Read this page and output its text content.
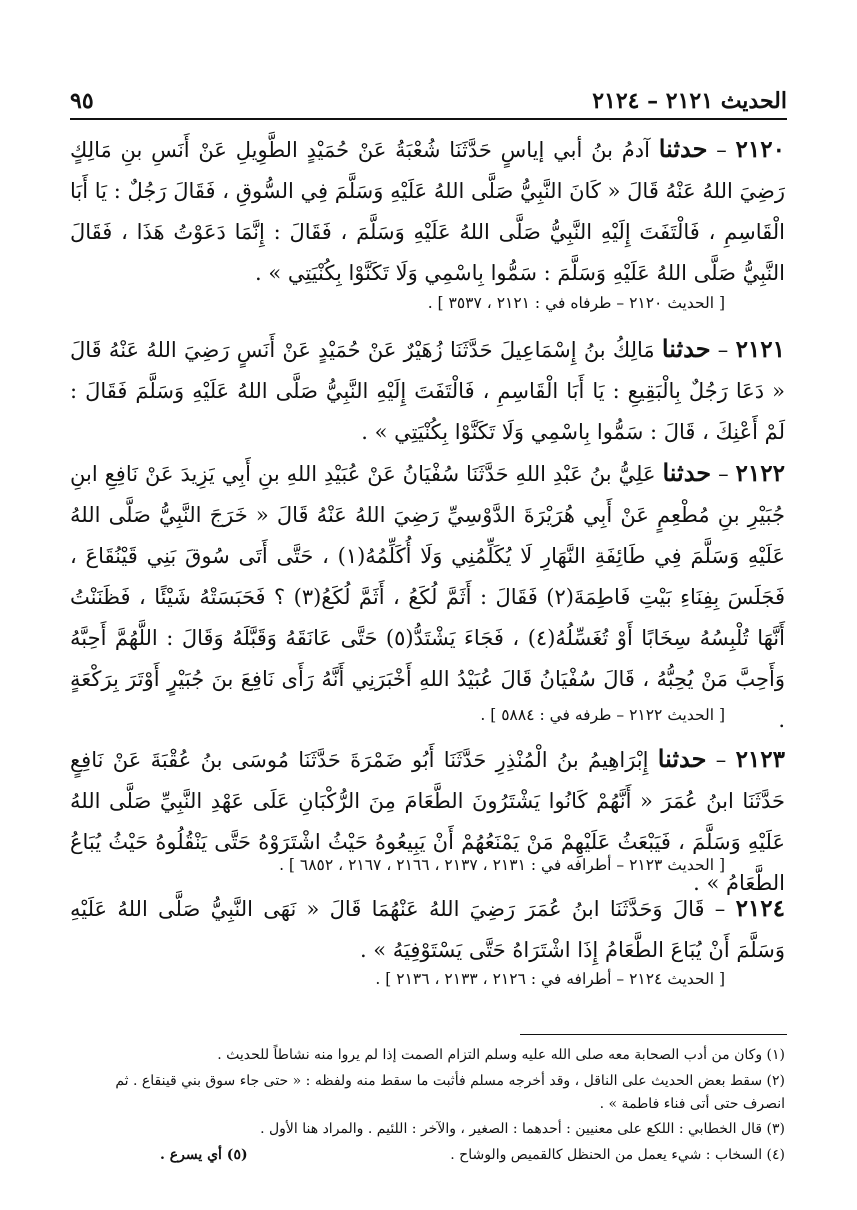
الحديث ٢١٢١ – ٢١٢٤
٩٥
٢١٢٠ – حدثنا آدمُ بنُ أبي إياسٍ حَدَّثَنَا شُعْبَةُ عَنْ حُمَيْدٍ الطَّوِيلِ عَنْ أَنَسِ بنِ مَالِكٍ رَضِيَ اللهُ عَنْهُ قَالَ « كَانَ النَّبِيُّ صَلَّى اللهُ عَلَيْهِ وَسَلَّمَ فِي السُّوقِ ، فَقَالَ رَجُلٌ : يَا أَبَا الْقَاسِمِ ، فَالْتَفَتَ إِلَيْهِ النَّبِيُّ صَلَّى اللهُ عَلَيْهِ وَسَلَّمَ ، فَقَالَ : إِنَّمَا دَعَوْتُ هَذَا ، فَقَالَ النَّبِيُّ صَلَّى اللهُ عَلَيْهِ وَسَلَّمَ : سَمُّوا بِاسْمِي وَلَا تَكَنَّوْا بِكُنْيَتِي » .
[ الحديث ٢١٢٠ – طرفاه في : ٢١٢١ ، ٣٥٣٧ ] .
٢١٢١ – حدثنا مَالِكُ بنُ إِسْمَاعِيلَ حَدَّثَنَا زُهَيْرٌ عَنْ حُمَيْدٍ عَنْ أَنَسٍ رَضِيَ اللهُ عَنْهُ قَالَ « دَعَا رَجُلٌ بِالْبَقِيعِ : يَا أَبَا الْقَاسِمِ ، فَالْتَفَتَ إِلَيْهِ النَّبِيُّ صَلَّى اللهُ عَلَيْهِ وَسَلَّمَ فَقَالَ : لَمْ أَعْنِكَ ، قَالَ : سَمُّوا بِاسْمِي وَلَا تَكَنَّوْا بِكُنْيَتِي » .
٢١٢٢ – حدثنا عَلِيُّ بنُ عَبْدِ اللهِ حَدَّثَنَا سُفْيَانُ عَنْ عُبَيْدِ اللهِ بنِ أَبِي يَزِيدَ عَنْ نَافِعِ ابنِ جُبَيْرِ بنِ مُطْعِمٍ عَنْ أَبِي هُرَيْرَةَ الدَّوْسِيِّ رَضِيَ اللهُ عَنْهُ قَالَ « خَرَجَ النَّبِيُّ صَلَّى اللهُ عَلَيْهِ وَسَلَّمَ فِي طَائِفَةِ النَّهَارِ لَا يُكَلِّمُنِي وَلَا أُكَلِّمُهُ(١) ، حَتَّى أَتَى سُوقَ بَنِي قَيْنُقَاعَ ، فَجَلَسَ بِفِنَاءِ بَيْتِ فَاطِمَةَ(٢) فَقَالَ : أَثَمَّ لُكَعُ ، أَثَمَّ لُكَعُ(٣) ؟ فَحَبَسَتْهُ شَيْئًا ، فَظَنَنْتُ أَنَّهَا تُلْبِسُهُ سِخَابًا أَوْ تُغَسِّلُهُ(٤) ، فَجَاءَ يَشْتَدُّ(٥) حَتَّى عَانَقَهُ وَقَبَّلَهُ وَقَالَ : اللَّهُمَّ أَحِبَّهُ وَأَحِبَّ مَنْ يُحِبُّهُ ، قَالَ سُفْيَانُ قَالَ عُبَيْدُ اللهِ أَخْبَرَنِي أَنَّهُ رَأَى نَافِعَ بنَ جُبَيْرٍ أَوْتَرَ بِرَكْعَةٍ .
[ الحديث ٢١٢٢ – طرفه في : ٥٨٨٤ ] .
٢١٢٣ – حدثنا إِبْرَاهِيمُ بنُ الْمُنْذِرِ حَدَّثَنَا أَبُو ضَمْرَةَ حَدَّثَنَا مُوسَى بنُ عُقْبَةَ عَنْ نَافِعٍ حَدَّثَنَا ابنُ عُمَرَ « أَنَّهُمْ كَانُوا يَشْتَرُونَ الطَّعَامَ مِنَ الرُّكْبَانِ عَلَى عَهْدِ النَّبِيِّ صَلَّى اللهُ عَلَيْهِ وَسَلَّمَ ، فَيَبْعَثُ عَلَيْهِمْ مَنْ يَمْنَعُهُمْ أَنْ يَبِيعُوهُ حَيْثُ اشْتَرَوْهُ حَتَّى يَنْقُلُوهُ حَيْثُ يُبَاعُ الطَّعَامُ » .
[ الحديث ٢١٢٣ – أطرافه في : ٢١٣١ ، ٢١٣٧ ، ٢١٦٦ ، ٢١٦٧ ، ٦٨٥٢ ] .
٢١٢٤ – قَالَ وَحَدَّثَنَا ابنُ عُمَرَ رَضِيَ اللهُ عَنْهُمَا قَالَ « نَهَى النَّبِيُّ صَلَّى اللهُ عَلَيْهِ وَسَلَّمَ أَنْ يُبَاعَ الطَّعَامُ إِذَا اشْتَرَاهُ حَتَّى يَسْتَوْفِيَهُ » .
[ الحديث ٢١٢٤ – أطرافه في : ٢١٢٦ ، ٢١٣٣ ، ٢١٣٦ ] .
(١) وكان من أدب الصحابة معه صلى الله عليه وسلم التزام الصمت إذا لم يروا منه نشاطاً للحديث .
(٢) سقط بعض الحديث على الناقل ، وقد أخرجه مسلم فأثبت ما سقط منه ولفظه : « حتى جاء سوق بني قينقاع . ثم انصرف حتى أتى فناء فاطمة » .
(٣) قال الخطابي : اللكع على معنيين : أحدهما : الصغير ، والآخر : اللئيم . والمراد هنا الأول .
(٤) السخاب : شيء يعمل من الحنظل كالقميص والوشاح .
(٥) أي يسرع .
